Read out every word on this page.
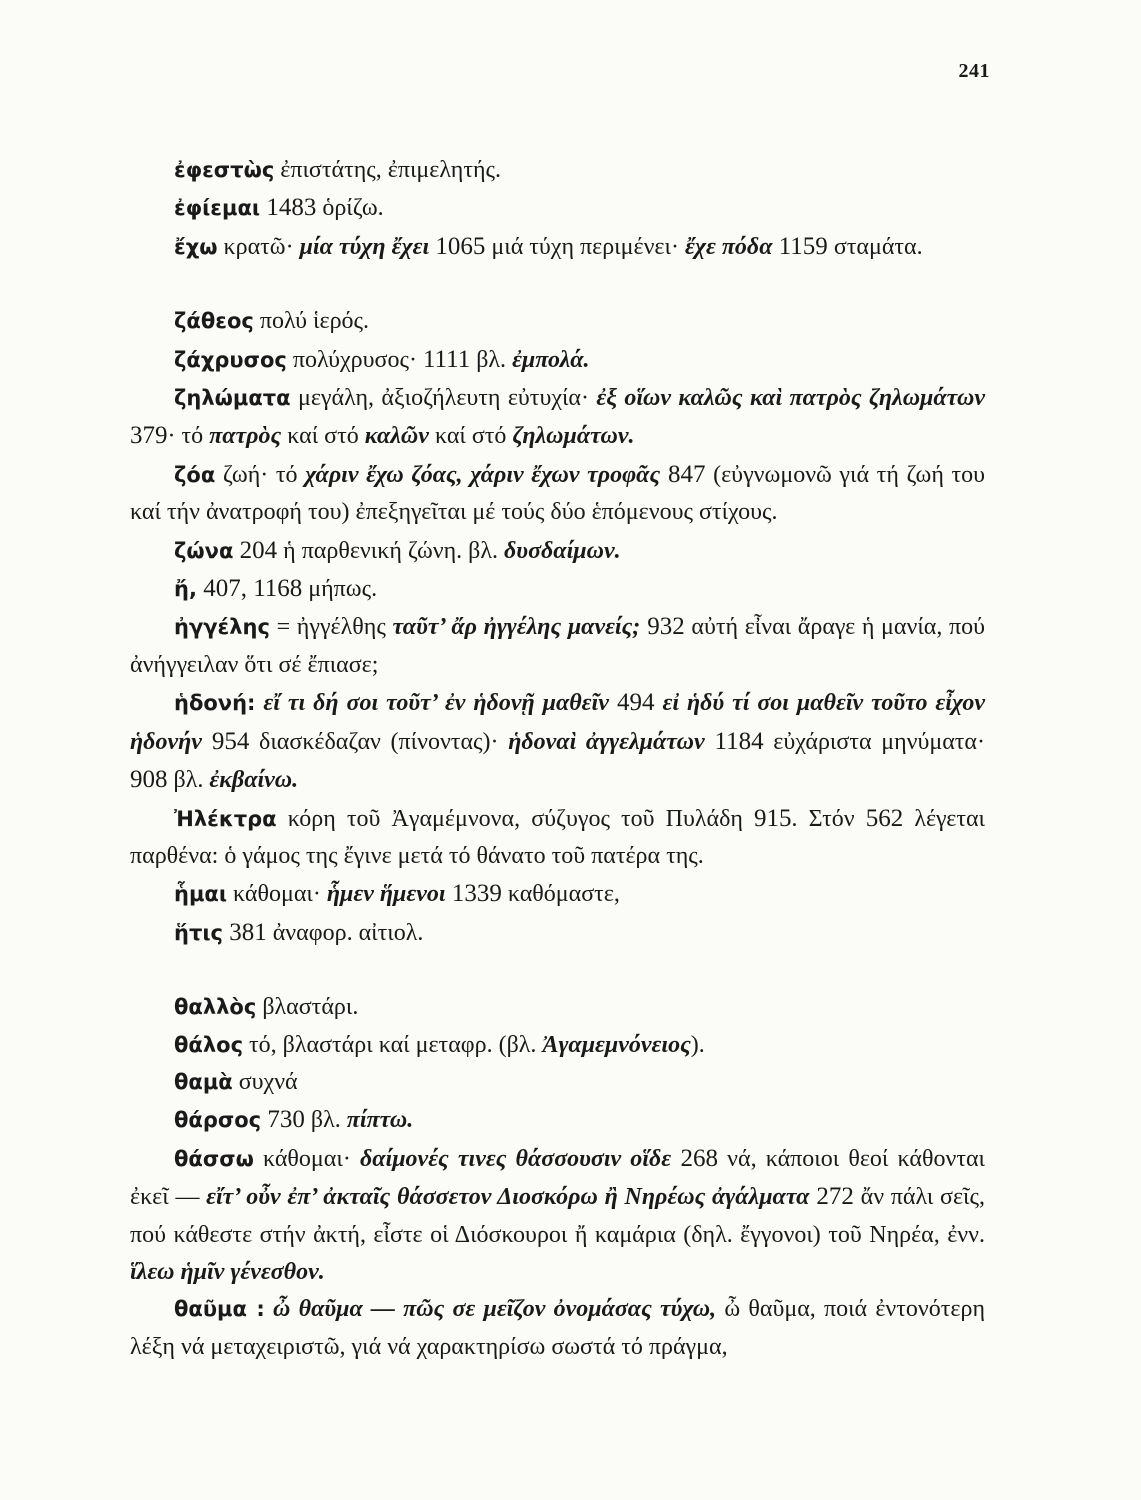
241

ἐφεστὼς ἐπιστάτης, ἐπιμελητής.

ἐφίεμαι 1483 ὁρίζω.

ἔχω κρατῶ· μία τύχη ἔχει 1065 μιά τύχη περιμένει· ἔχε πόδα 1159 σταμάτα.

ζάθεος πολύ ἱερός.

ζάχρυσος πολύχρυσος· 1111 βλ. ἐμπολά.

ζηλώματα μεγάλη, ἀξιοζήλευτη εὐτυχία· ἐξ οἵων καλῶς καὶ πατρὸς ζηλωμάτων 379· τό πατρὸς καί στό καλῶν καί στό ζηλωμάτων.

ζόα ζωή· τό χάριν ἔχω ζόας, χάριν ἔχων τροφᾶς 847 (εὐγνωμονῶ γιά τή ζωή του καί τήν ἀνατροφή του) ἐπεξηγεῖται μέ τούς δύο ἑπόμενους στίχους.

ζώνα 204 ἡ παρθενική ζώνη. βλ. δυσδαίμων.

ἤ, 407, 1168 μήπως.

ἠγγέλης = ἠγγέλθης ταῦτ’ ἄρ ἠγγέλης μανείς; 932 αὐτή εἶναι ἄραγε ἡ μανία, πού ἀνήγγειλαν ὅτι σέ ἔπιασε;

ἡδονή: εἴ τι δή σοι τοῦτ’ ἐν ἡδονῇ μαθεῖν 494 εἰ ἡδύ τί σοι μαθεῖν τοῦτο εἶχον ἡδονήν 954 διασκέδαζαν (πίνοντας)· ἡδοναὶ ἀγγελμάτων 1184 εὐχάριστα μηνύματα· 908 βλ. ἐκβαίνω.

Ἠλέκτρα κόρη τοῦ Ἀγαμέμνονα, σύζυγος τοῦ Πυλάδη 915. Στόν 562 λέγεται παρθένα: ὁ γάμος της ἔγινε μετά τό θάνατο τοῦ πατέρα της.

ἧμαι κάθομαι· ἧμεν ἥμενοι 1339 καθόμαστε,

ἥτις 381 ἀναφορ. αἰτιολ.

θαλλὸς βλαστάρι.

θάλος τό, βλαστάρι καί μεταφρ. (βλ. Ἀγαμεμνόνειος).

θαμὰ συχνά

θάρσος 730 βλ. πίπτω.

θάσσω κάθομαι· δαίμονές τινες θάσσουσιν οἵδε 268 νά, κάποιοι θεοί κάθονται ἐκεῖ — εἴτ’ οὖν ἐπ’ ἀκταῖς θάσσετον Διοσκόρω ἢ Νηρέως ἀγάλματα 272 ἄν πάλι σεῖς, πού κάθεστε στήν ἀκτή, εἶστε οἱ Διόσκουροι ἤ καμάρια (δηλ. ἔγγονοι) τοῦ Νηρέα, ἐνν. ἵλεω ἡμῖν γένεσθον.

θαῦμα : ὦ θαῦμα — πῶς σε μεῖζον ὀνομάσας τύχω, ὦ θαῦμα, ποιά ἐντονότερη λέξη νά μεταχειριστῶ, γιά νά χαρακτηρίσω σωστά τό πράγμα,
